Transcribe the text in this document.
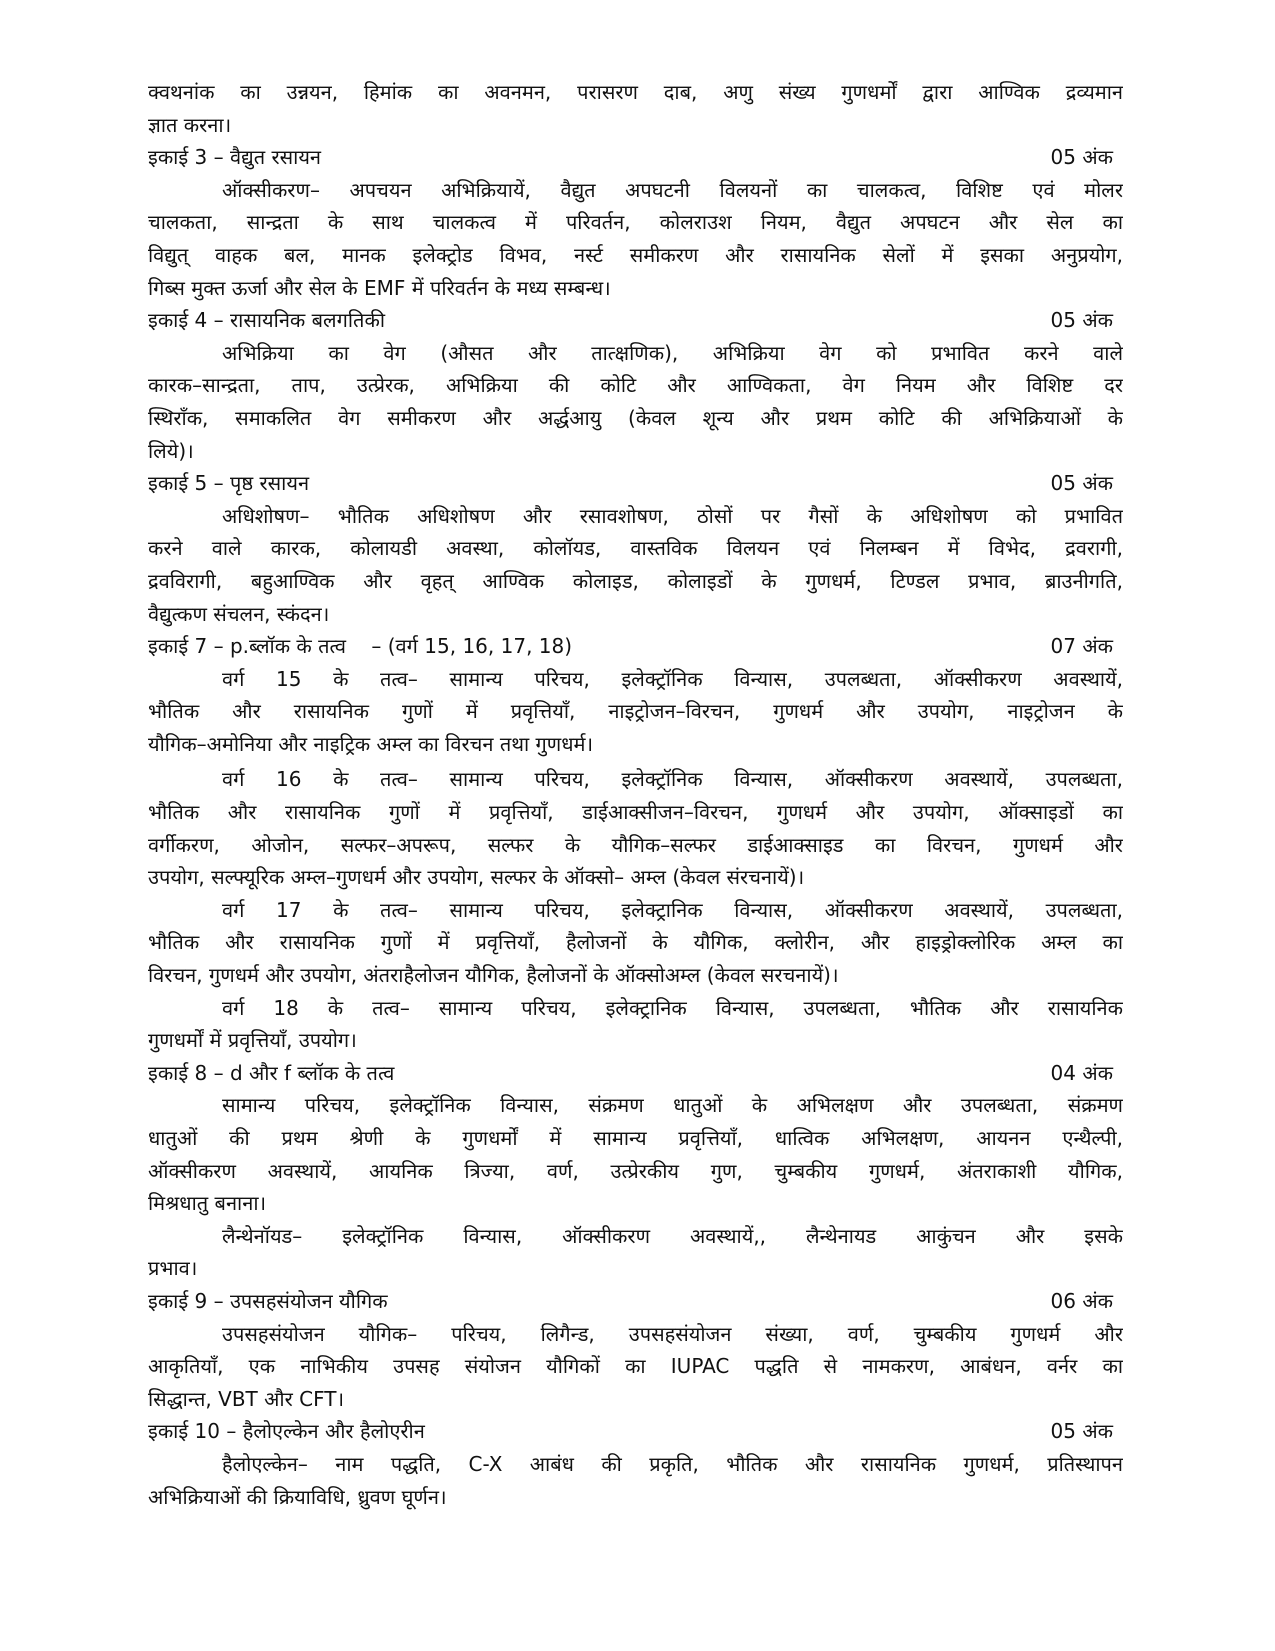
क्वथनांक का उन्नयन, हिमांक का अवनमन, परासरण दाब, अणु संख्य गुणधर्मों द्वारा आण्विक द्रव्यमान
ज्ञात करना।
इकाई 3 – वैद्युत रसायन	05 अंक
ऑक्सीकरण– अपचयन अभिक्रियायें, वैद्युत अपघटनी विलयनों का चालकत्व, विशिष्ट एवं मोलर
चालकता, सान्द्रता के साथ चालकत्व में परिवर्तन, कोलराउश नियम, वैद्युत अपघटन और सेल का
विद्युत् वाहक बल, मानक इलेक्ट्रोड विभव, नर्स्ट समीकरण और रासायनिक सेलों में इसका अनुप्रयोग,
गिब्स मुक्त ऊर्जा और सेल के EMF में परिवर्तन के मध्य सम्बन्ध।
इकाई 4 – रासायनिक बलगतिकी	05 अंक
अभिक्रिया का वेग (औसत और तात्क्षणिक), अभिक्रिया वेग को प्रभावित करने वाले
कारक–सान्द्रता, ताप, उत्प्रेरक, अभिक्रिया की कोटि और आण्विकता, वेग नियम और विशिष्ट दर
स्थिराँक, समाकलित वेग समीकरण और अर्द्धआयु (केवल शून्य और प्रथम कोटि की अभिक्रियाओं के
लिये)।
इकाई 5 – पृष्ठ रसायन	05 अंक
अधिशोषण– भौतिक अधिशोषण और रसावशोषण, ठोसों पर गैसों के अधिशोषण को प्रभावित
करने वाले कारक, कोलायडी अवस्था, कोलॉयड, वास्तविक विलयन एवं निलम्बन में विभेद, द्रवरागी,
द्रवविरागी, बहुआण्विक और वृहत् आण्विक कोलाइड, कोलाइडों के गुणधर्म, टिण्डल प्रभाव, ब्राउनीगति,
वैद्युत्कण संचलन, स्कंदन।
इकाई 7 – p.ब्लॉक के तत्व    – (वर्ग 15, 16, 17, 18)	07 अंक
वर्ग 15 के तत्व– सामान्य परिचय, इलेक्ट्रॉनिक विन्यास, उपलब्धता, ऑक्सीकरण अवस्थायें,
भौतिक और रासायनिक गुणों में प्रवृत्तियाँ, नाइट्रोजन–विरचन, गुणधर्म और उपयोग, नाइट्रोजन के
यौगिक–अमोनिया और नाइट्रिक अम्ल का विरचन तथा गुणधर्म।
वर्ग 16 के तत्व– सामान्य परिचय, इलेक्ट्रॉनिक विन्यास, ऑक्सीकरण अवस्थायें, उपलब्धता,
भौतिक और रासायनिक गुणों में प्रवृत्तियाँ, डाईआक्सीजन–विरचन, गुणधर्म और उपयोग, ऑक्साइडों का
वर्गीकरण, ओजोन, सल्फर–अपरूप, सल्फर के यौगिक–सल्फर डाईआक्साइड का विरचन, गुणधर्म और
उपयोग, सल्फ्यूरिक अम्ल–गुणधर्म और उपयोग, सल्फर के ऑक्सो– अम्ल (केवल संरचनायें)।
वर्ग 17 के तत्व– सामान्य परिचय, इलेक्ट्रानिक विन्यास, ऑक्सीकरण अवस्थायें, उपलब्धता,
भौतिक और रासायनिक गुणों में प्रवृत्तियाँ, हैलोजनों के यौगिक, क्लोरीन, और हाइड्रोक्लोरिक अम्ल का
विरचन, गुणधर्म और उपयोग, अंतराहैलोजन यौगिक, हैलोजनों के ऑक्सोअम्ल (केवल सरचनायें)।
वर्ग 18 के तत्व– सामान्य परिचय, इलेक्ट्रानिक विन्यास, उपलब्धता, भौतिक और रासायनिक
गुणधर्मों में प्रवृत्तियाँ, उपयोग।
इकाई 8 – d और f ब्लॉक के तत्व	04 अंक
सामान्य परिचय, इलेक्ट्रॉनिक विन्यास, संक्रमण धातुओं के अभिलक्षण और उपलब्धता, संक्रमण
धातुओं की प्रथम श्रेणी के गुणधर्मों में सामान्य प्रवृत्तियाँ, धात्विक अभिलक्षण, आयनन एन्थैल्पी,
ऑक्सीकरण अवस्थायें, आयनिक त्रिज्या, वर्ण, उत्प्रेरकीय गुण, चुम्बकीय गुणधर्म, अंतराकाशी यौगिक,
मिश्रधातु बनाना।
लैन्थेनॉयड– इलेक्ट्रॉनिक विन्यास, ऑक्सीकरण अवस्थायें,, लैन्थेनायड आकुंचन और इसके
प्रभाव।
इकाई 9 – उपसहसंयोजन यौगिक	06 अंक
उपसहसंयोजन यौगिक– परिचय, लिगैन्ड, उपसहसंयोजन संख्या, वर्ण, चुम्बकीय गुणधर्म और
आकृतियाँ, एक नाभिकीय उपसह संयोजन यौगिकों का IUPAC पद्धति से नामकरण, आबंधन, वर्नर का
सिद्धान्त, VBT और CFT।
इकाई 10 – हैलोएल्केन और हैलोएरीन	05 अंक
हैलोएल्केन– नाम पद्धति, C-X आबंध की प्रकृति, भौतिक और रासायनिक गुणधर्म, प्रतिस्थापन
अभिक्रियाओं की क्रियाविधि, ध्रुवण घूर्णन।
